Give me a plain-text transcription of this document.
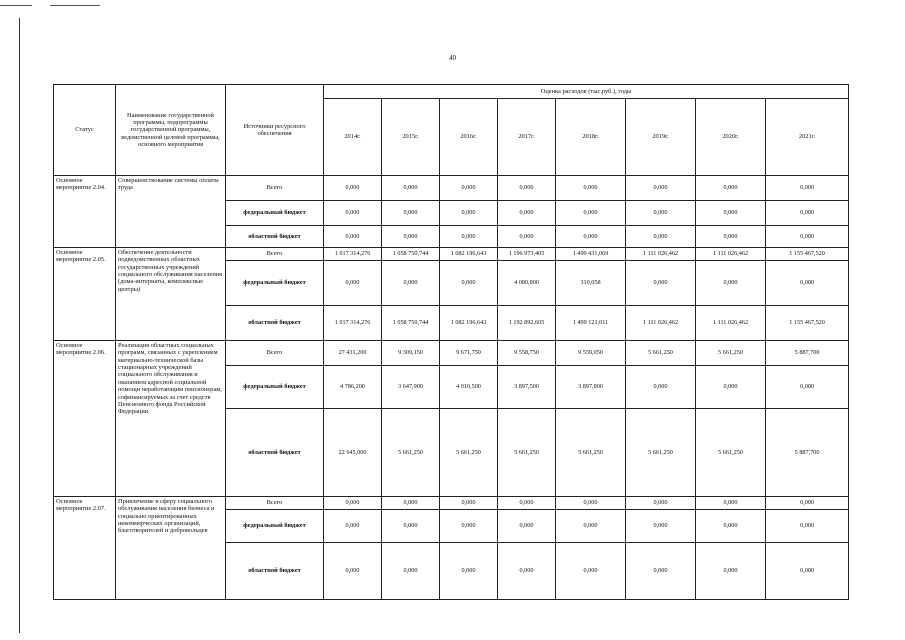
40
Статус	Наименование государственной программы, подпрограммы государственной программы, ведомственной целевой программы, основного мероприятия	Источники ресурсного обеспечения	Оценка расходов (тыс.руб.), годы							
			2014г.	2015г.	2016г.	2017г.	2018г.	2019г.	2020г.	2021г.
Основное мероприятие 2.04.	Совершенствование системы оплаты труда	Всего	0,000	0,000	0,000	0,000	0,000	0,000	0,000	0,000
		федеральный бюджет	0,000	0,000	0,000	0,000	0,000	0,000	0,000	0,000
		областной бюджет	0,000	0,000	0,000	0,000	0,000	0,000	0,000	0,000
Основное мероприятие 2.05.	Обеспечение деятельности подведомственных областных государственных учреждений социального обслуживания населения (дома-интернаты, комплексные центры)	Всего	1 017 314,276	1 058 750,744	1 082 196,643	1 196 973,405	1 499 431,069	1 111 026,462	1 111 026,462	1 155 467,520
		федеральный бюджет	0,000	0,000	0,000	4 080,800	310,058	0,000	0,000	0,000
		областной бюджет	1 017 314,276	1 058 750,744	1 082 196,643	1 192 892,605	1 499 121,011	1 111 026,462	1 111 026,462	1 155 467,520
Основное мероприятие 2.06.	Реализация областных социальных программ, связанных с укреплением материально-технической базы стационарных учреждений социального обслуживания и оказанием адресной социальной помощи неработающим пенсионерам, софинансируемых за счет средств Пенсионного фонда Российской Федерации	Всего	27 431,200	9 309,150	9 671,750	9 558,750	9 559,050	5 661,250	5 661,250	5 887,700
		федеральный бюджет	4 786,200	3 647,900	4 010,500	3 897,500	3 897,800	0,000	0,000	0,000
		областной бюджет	22 645,000	5 661,250	5 661,250	5 661,250	5 661,250	5 661,250	5 661,250	5 887,700
Основное мероприятие 2.07.	Привлечение в сферу социального обслуживания населения бизнеса и социально ориентированных некоммерческих организаций, благотворителей и добровольцев	Всего	0,000	0,000	0,000	0,000	0,000	0,000	0,000	0,000
		федеральный бюджет	0,000	0,000	0,000	0,000	0,000	0,000	0,000	0,000
		областной бюджет	0,000	0,000	0,000	0,000	0,000	0,000	0,000	0,000
